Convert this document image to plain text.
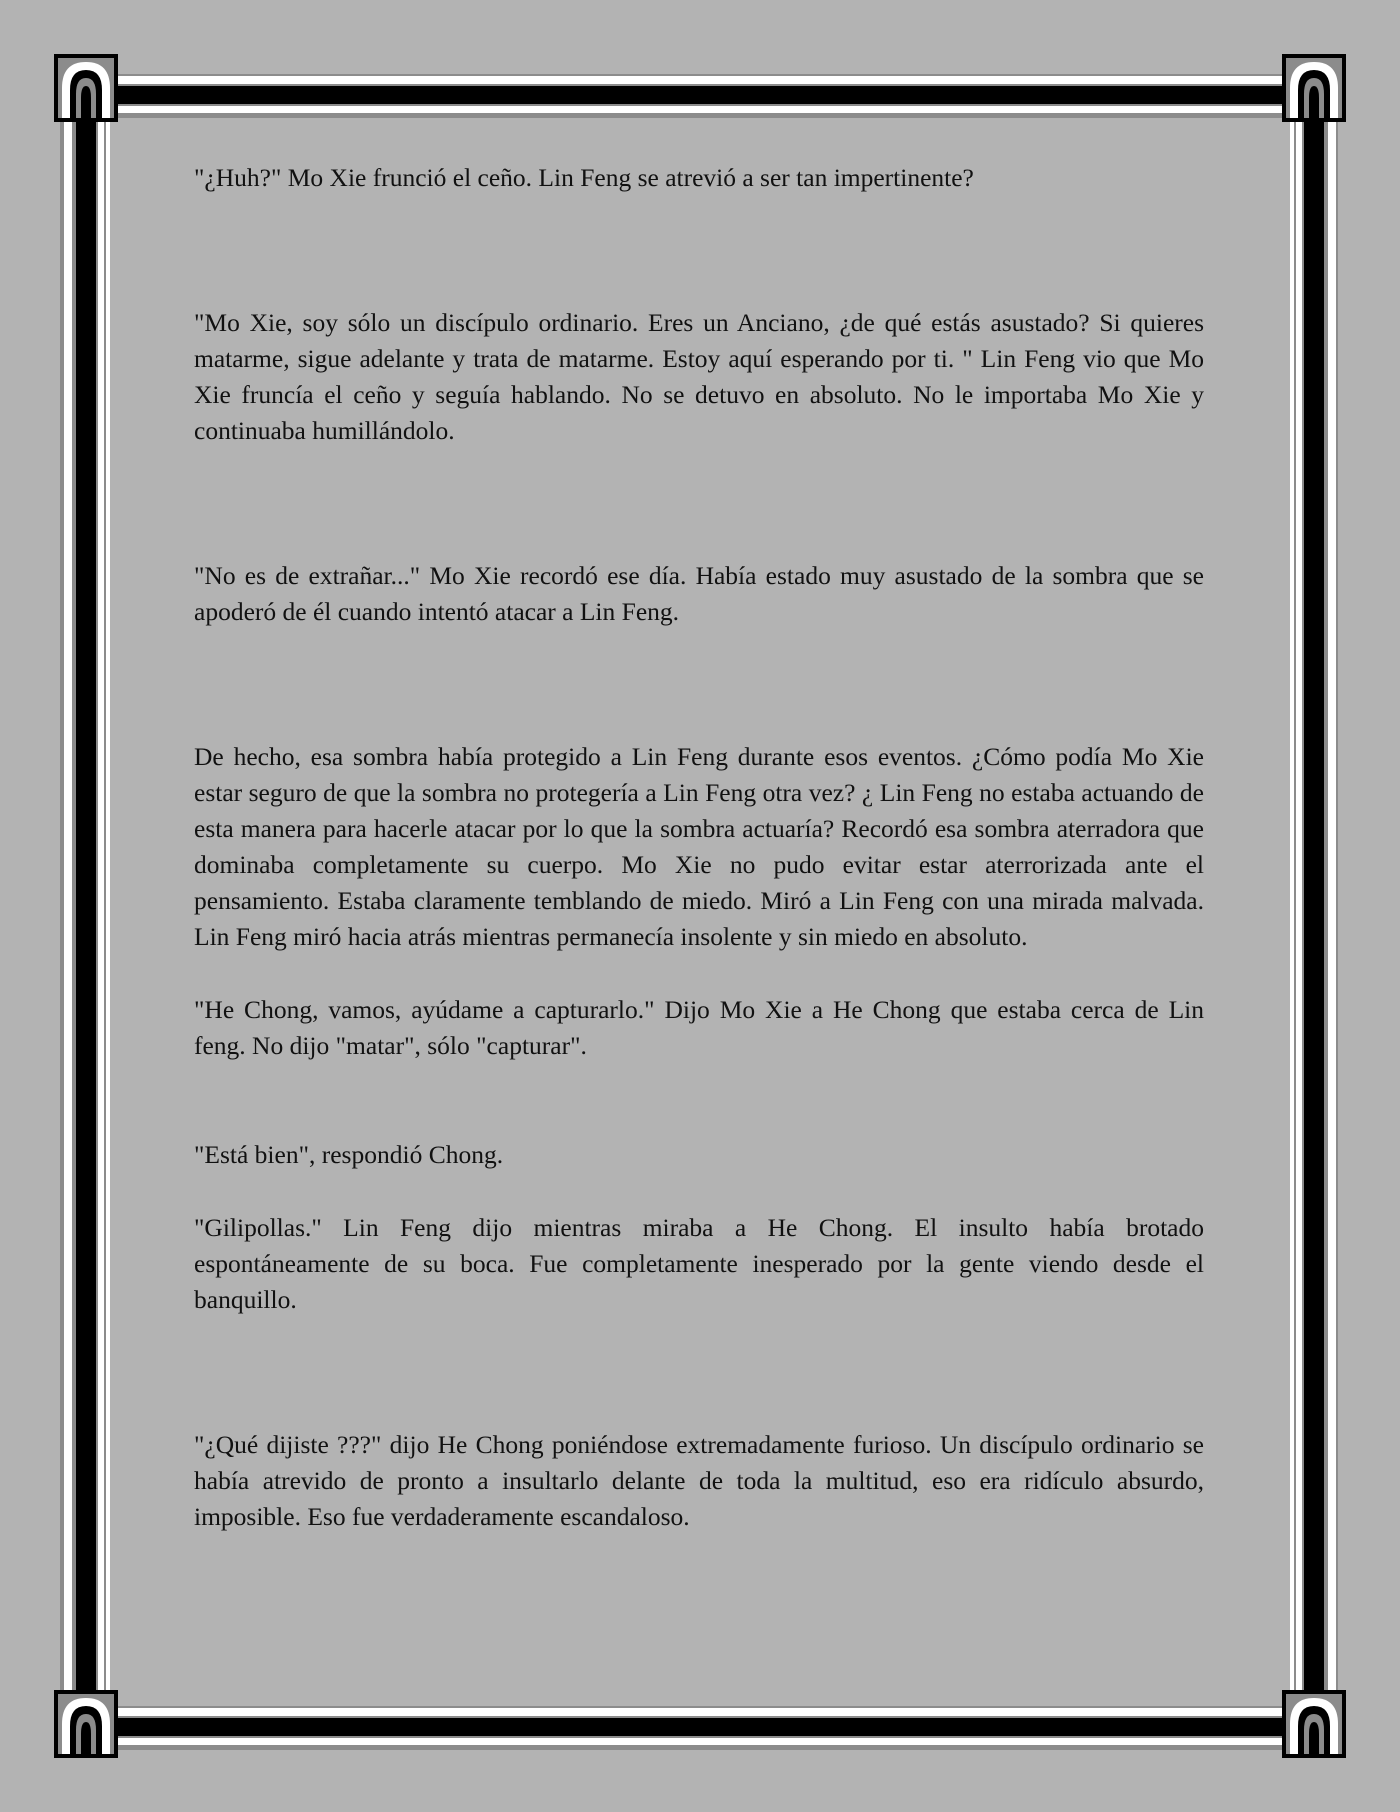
"¿Huh?" Mo Xie frunció el ceño. Lin Feng se atrevió a ser tan impertinente?

"Mo Xie, soy sólo un discípulo ordinario. Eres un Anciano, ¿de qué estás asustado? Si quieres matarme, sigue adelante y trata de matarme. Estoy aquí esperando por ti. " Lin Feng vio que Mo Xie fruncía el ceño y seguía hablando. No se detuvo en absoluto. No le importaba Mo Xie y continuaba humillándolo.

"No es de extrañar..." Mo Xie recordó ese día. Había estado muy asustado de la sombra que se apoderó de él cuando intentó atacar a Lin Feng.

De hecho, esa sombra había protegido a Lin Feng durante esos eventos. ¿Cómo podía Mo Xie estar seguro de que la sombra no protegería a Lin Feng otra vez? ¿ Lin Feng no estaba actuando de esta manera para hacerle atacar por lo que la sombra actuaría? Recordó esa sombra aterradora que dominaba completamente su cuerpo. Mo Xie no pudo evitar estar aterrorizada ante el pensamiento. Estaba claramente temblando de miedo. Miró a Lin Feng con una mirada malvada. Lin Feng miró hacia atrás mientras permanecía insolente y sin miedo en absoluto.

"He Chong, vamos, ayúdame a capturarlo." Dijo Mo Xie a He Chong que estaba cerca de Lin feng. No dijo "matar", sólo "capturar".

"Está bien", respondió Chong.

"Gilipollas." Lin Feng dijo mientras miraba a He Chong. El insulto había brotado espontáneamente de su boca. Fue completamente inesperado por la gente viendo desde el banquillo.

"¿Qué dijiste ???" dijo He Chong poniéndose extremadamente furioso. Un discípulo ordinario se había atrevido de pronto a insultarlo delante de toda la multitud, eso era ridículo absurdo, imposible. Eso fue verdaderamente escandaloso.
